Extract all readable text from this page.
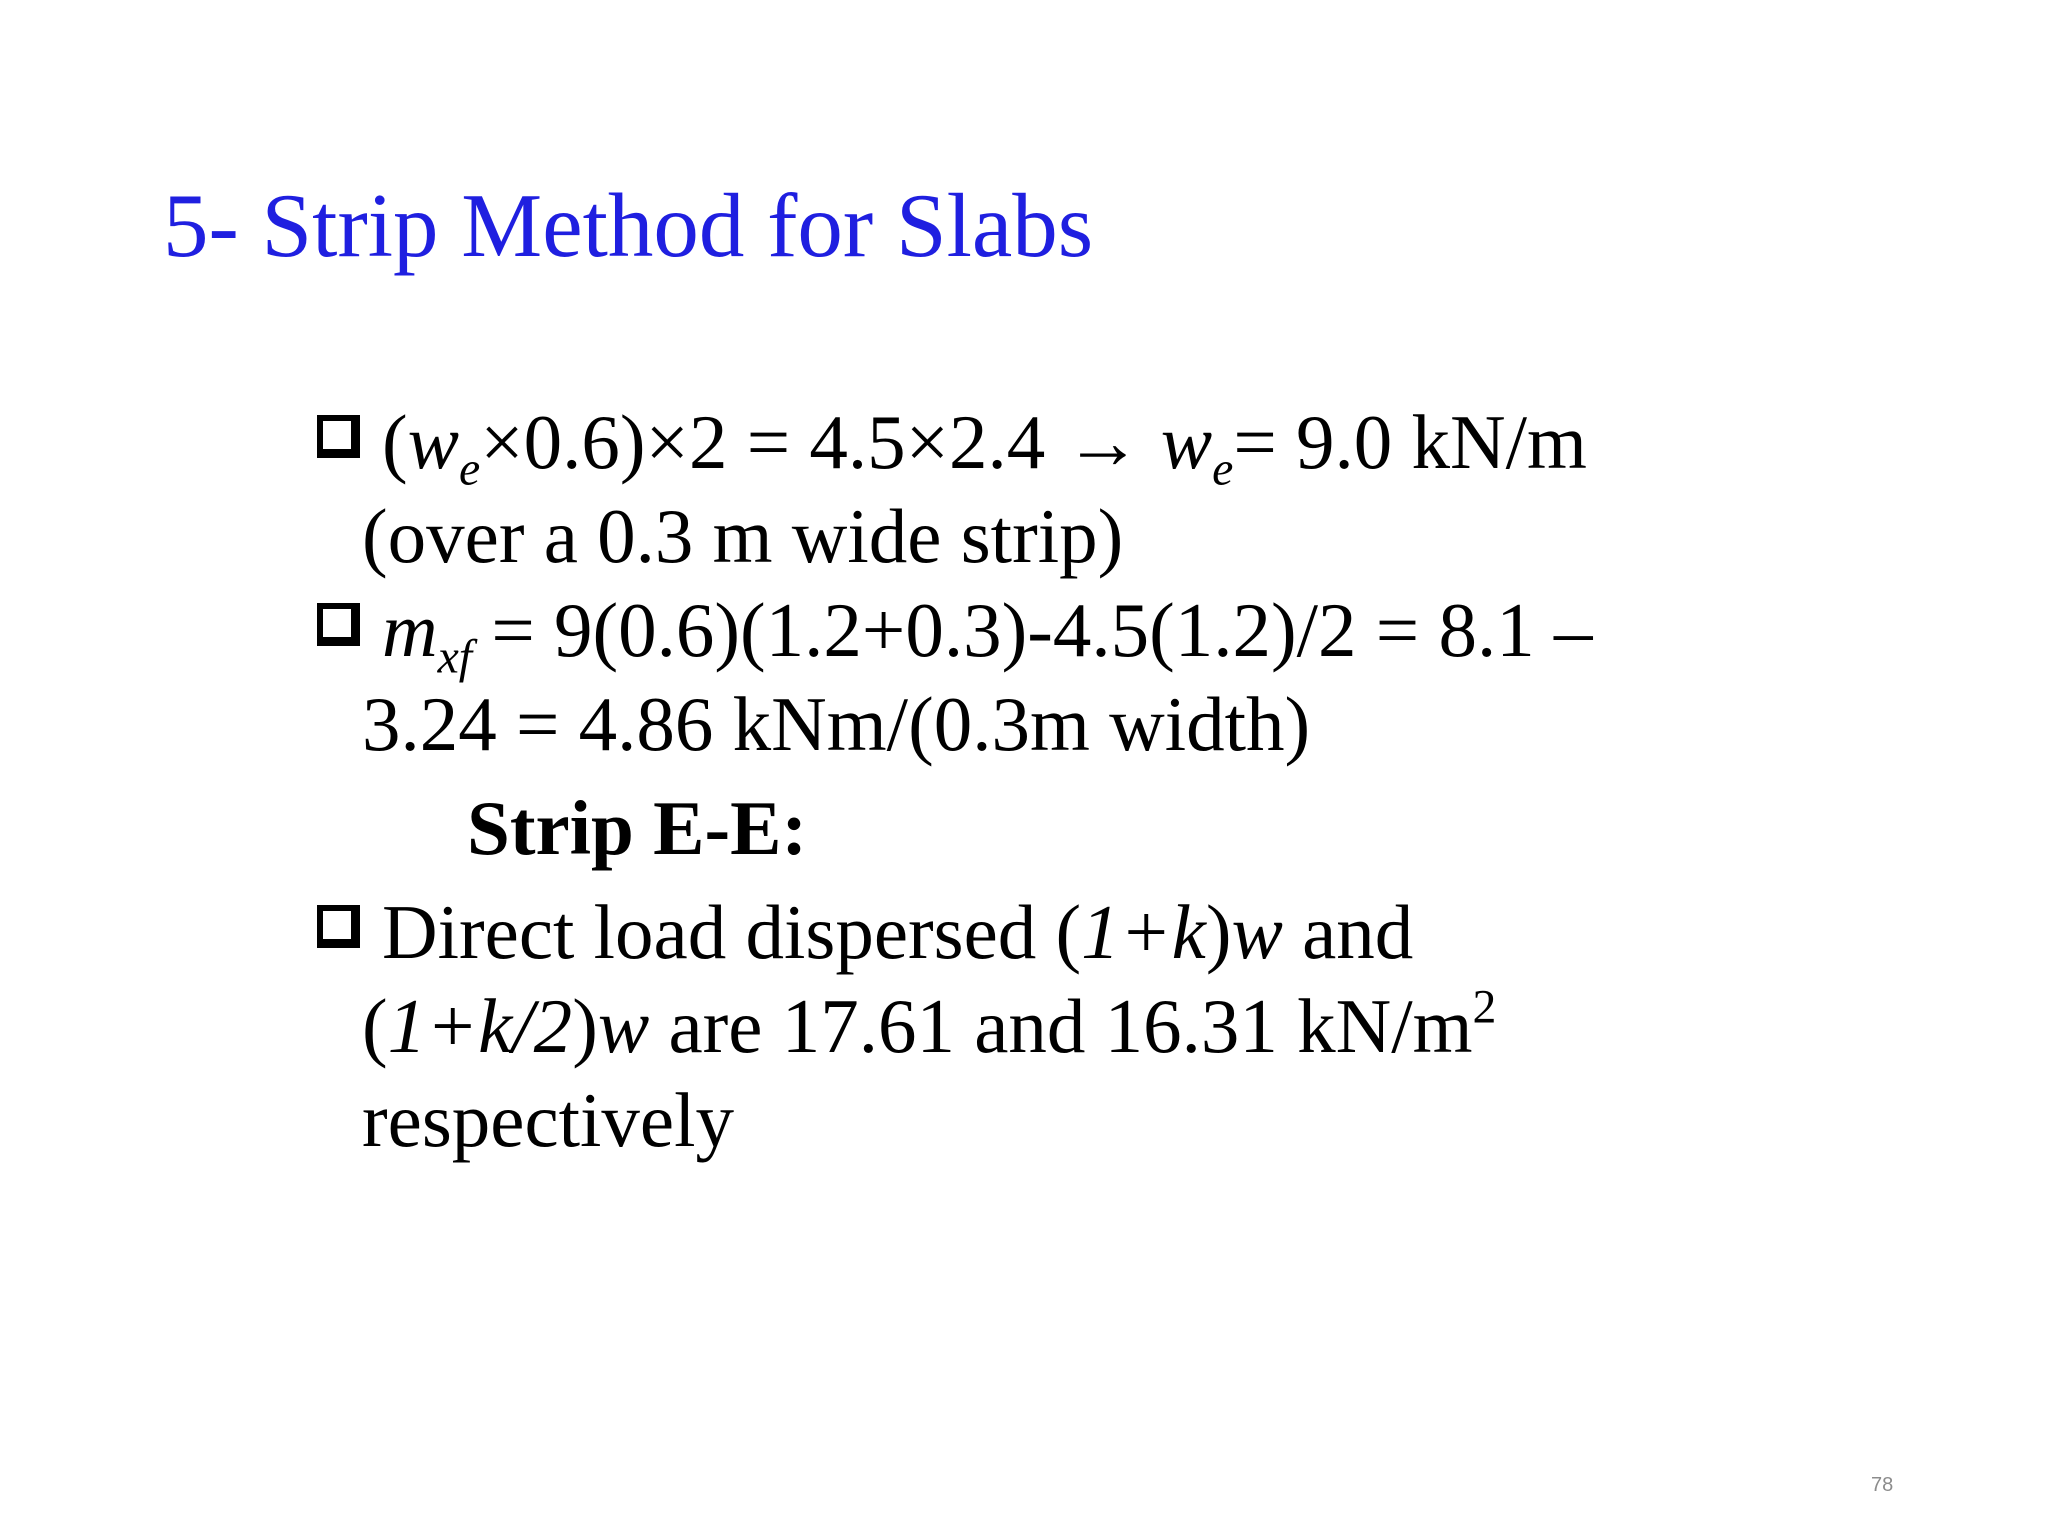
5- Strip Method for Slabs
$(w_e\times 0.6)\times 2 = 4.5\times 2.4 \to w_e= 9.0$ kN/m
(over a 0.3 m wide strip)
$m_{xf} = 9(0.6)(1.2+0.3)-4.5(1.2)/2 = 8.1$ –
3.24 = 4.86 kNm/(0.3m width)
Strip E-E:
Direct load dispersed (1+k)w and
(1+k/2)w are 17.61 and 16.31 $kN/m^2$
respectively
78
